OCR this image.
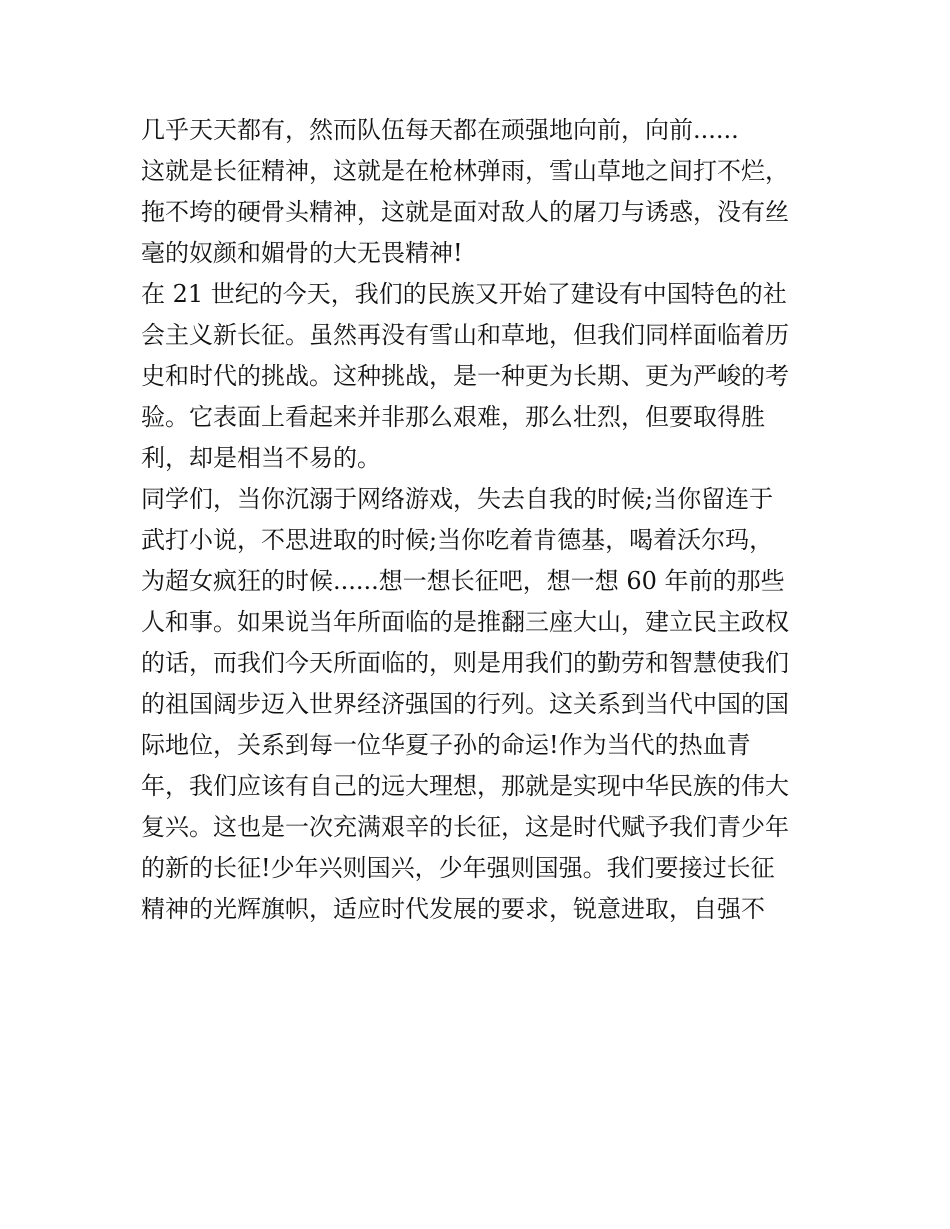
几乎天天都有，然而队伍每天都在顽强地向前，向前......
这就是长征精神，这就是在枪林弹雨，雪山草地之间打不烂，
拖不垮的硬骨头精神，这就是面对敌人的屠刀与诱惑，没有丝
毫的奴颜和媚骨的大无畏精神!
在 21 世纪的今天，我们的民族又开始了建设有中国特色的社
会主义新长征。虽然再没有雪山和草地，但我们同样面临着历
史和时代的挑战。这种挑战，是一种更为长期、更为严峻的考
验。它表面上看起来并非那么艰难，那么壮烈，但要取得胜
利，却是相当不易的。
同学们，当你沉溺于网络游戏，失去自我的时候;当你留连于
武打小说，不思进取的时候;当你吃着肯德基，喝着沃尔玛，
为超女疯狂的时候......想一想长征吧，想一想 60 年前的那些
人和事。如果说当年所面临的是推翻三座大山，建立民主政权
的话，而我们今天所面临的，则是用我们的勤劳和智慧使我们
的祖国阔步迈入世界经济强国的行列。这关系到当代中国的国
际地位，关系到每一位华夏子孙的命运!作为当代的热血青
年，我们应该有自己的远大理想，那就是实现中华民族的伟大
复兴。这也是一次充满艰辛的长征，这是时代赋予我们青少年
的新的长征!少年兴则国兴，少年强则国强。我们要接过长征
精神的光辉旗帜，适应时代发展的要求，锐意进取，自强不
